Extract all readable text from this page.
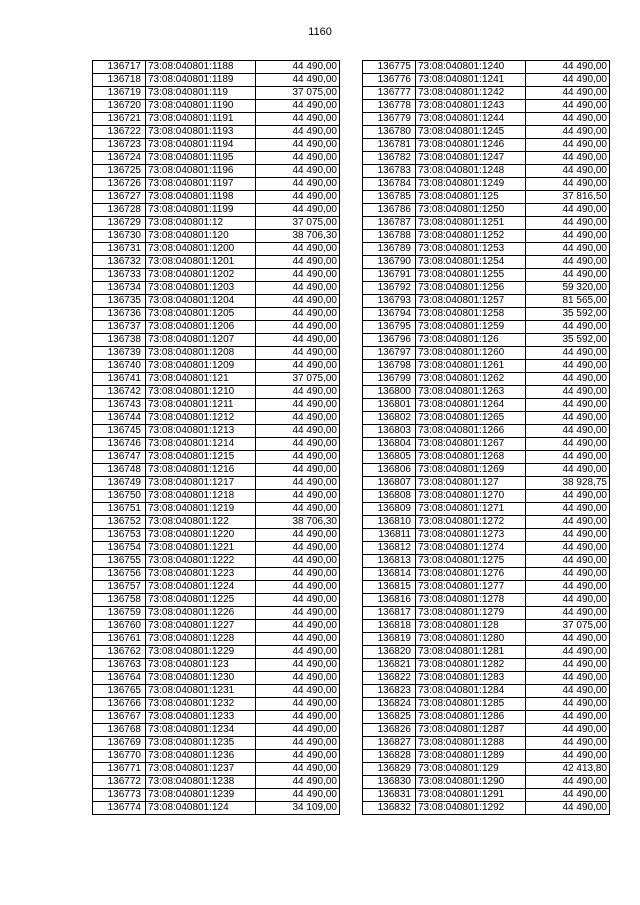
1160
136717	73:08:040801:1188	44 490,00
136718	73:08:040801:1189	44 490,00
136719	73:08:040801:119	37 075,00
136720	73:08:040801:1190	44 490,00
136721	73:08:040801:1191	44 490,00
136722	73:08:040801:1193	44 490,00
136723	73:08:040801:1194	44 490,00
136724	73:08:040801:1195	44 490,00
136725	73:08:040801:1196	44 490,00
136726	73:08:040801:1197	44 490,00
136727	73:08:040801:1198	44 490,00
136728	73:08:040801:1199	44 490,00
136729	73:08:040801:12	37 075,00
136730	73:08:040801:120	38 706,30
136731	73:08:040801:1200	44 490,00
136732	73:08:040801:1201	44 490,00
136733	73:08:040801:1202	44 490,00
136734	73:08:040801:1203	44 490,00
136735	73:08:040801:1204	44 490,00
136736	73:08:040801:1205	44 490,00
136737	73:08:040801:1206	44 490,00
136738	73:08:040801:1207	44 490,00
136739	73:08:040801:1208	44 490,00
136740	73:08:040801:1209	44 490,00
136741	73:08:040801:121	37 075,00
136742	73:08:040801:1210	44 490,00
136743	73:08:040801:1211	44 490,00
136744	73:08:040801:1212	44 490,00
136745	73:08:040801:1213	44 490,00
136746	73:08:040801:1214	44 490,00
136747	73:08:040801:1215	44 490,00
136748	73:08:040801:1216	44 490,00
136749	73:08:040801:1217	44 490,00
136750	73:08:040801:1218	44 490,00
136751	73:08:040801:1219	44 490,00
136752	73:08:040801:122	38 706,30
136753	73:08:040801:1220	44 490,00
136754	73:08:040801:1221	44 490,00
136755	73:08:040801:1222	44 490,00
136756	73:08:040801:1223	44 490,00
136757	73:08:040801:1224	44 490,00
136758	73:08:040801:1225	44 490,00
136759	73:08:040801:1226	44 490,00
136760	73:08:040801:1227	44 490,00
136761	73:08:040801:1228	44 490,00
136762	73:08:040801:1229	44 490,00
136763	73:08:040801:123	44 490,00
136764	73:08:040801:1230	44 490,00
136765	73:08:040801:1231	44 490,00
136766	73:08:040801:1232	44 490,00
136767	73:08:040801:1233	44 490,00
136768	73:08:040801:1234	44 490,00
136769	73:08:040801:1235	44 490,00
136770	73:08:040801:1236	44 490,00
136771	73:08:040801:1237	44 490,00
136772	73:08:040801:1238	44 490,00
136773	73:08:040801:1239	44 490,00
136774	73:08:040801:124	34 109,00
136775	73:08:040801:1240	44 490,00
136776	73:08:040801:1241	44 490,00
136777	73:08:040801:1242	44 490,00
136778	73:08:040801:1243	44 490,00
136779	73:08:040801:1244	44 490,00
136780	73:08:040801:1245	44 490,00
136781	73:08:040801:1246	44 490,00
136782	73:08:040801:1247	44 490,00
136783	73:08:040801:1248	44 490,00
136784	73:08:040801:1249	44 490,00
136785	73:08:040801:125	37 816,50
136786	73:08:040801:1250	44 490,00
136787	73:08:040801:1251	44 490,00
136788	73:08:040801:1252	44 490,00
136789	73:08:040801:1253	44 490,00
136790	73:08:040801:1254	44 490,00
136791	73:08:040801:1255	44 490,00
136792	73:08:040801:1256	59 320,00
136793	73:08:040801:1257	81 565,00
136794	73:08:040801:1258	35 592,00
136795	73:08:040801:1259	44 490,00
136796	73:08:040801:126	35 592,00
136797	73:08:040801:1260	44 490,00
136798	73:08:040801:1261	44 490,00
136799	73:08:040801:1262	44 490,00
136800	73:08:040801:1263	44 490,00
136801	73:08:040801:1264	44 490,00
136802	73:08:040801:1265	44 490,00
136803	73:08:040801:1266	44 490,00
136804	73:08:040801:1267	44 490,00
136805	73:08:040801:1268	44 490,00
136806	73:08:040801:1269	44 490,00
136807	73:08:040801:127	38 928,75
136808	73:08:040801:1270	44 490,00
136809	73:08:040801:1271	44 490,00
136810	73:08:040801:1272	44 490,00
136811	73:08:040801:1273	44 490,00
136812	73:08:040801:1274	44 490,00
136813	73:08:040801:1275	44 490,00
136814	73:08:040801:1276	44 490,00
136815	73:08:040801:1277	44 490,00
136816	73:08:040801:1278	44 490,00
136817	73:08:040801:1279	44 490,00
136818	73:08:040801:128	37 075,00
136819	73:08:040801:1280	44 490,00
136820	73:08:040801:1281	44 490,00
136821	73:08:040801:1282	44 490,00
136822	73:08:040801:1283	44 490,00
136823	73:08:040801:1284	44 490,00
136824	73:08:040801:1285	44 490,00
136825	73:08:040801:1286	44 490,00
136826	73:08:040801:1287	44 490,00
136827	73:08:040801:1288	44 490,00
136828	73:08:040801:1289	44 490,00
136829	73:08:040801:129	42 413,80
136830	73:08:040801:1290	44 490,00
136831	73:08:040801:1291	44 490,00
136832	73:08:040801:1292	44 490,00
